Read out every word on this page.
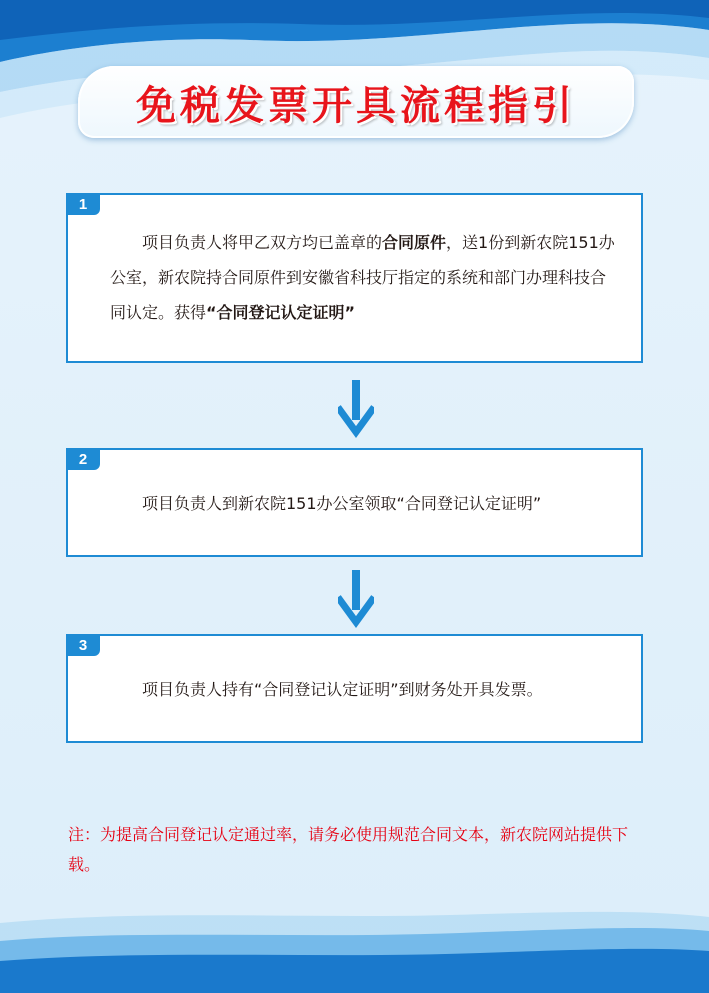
免税发票开具流程指引
1
项目负责人将甲乙双方均已盖章的合同原件，送1份到新农院151办公室，新农院持合同原件到安徽省科技厅指定的系统和部门办理科技合同认定。获得“合同登记认定证明”
2
项目负责人到新农院151办公室领取“合同登记认定证明”
3
项目负责人持有“合同登记认定证明”到财务处开具发票。
注：为提高合同登记认定通过率，请务必使用规范合同文本，新农院网站提供下载。
